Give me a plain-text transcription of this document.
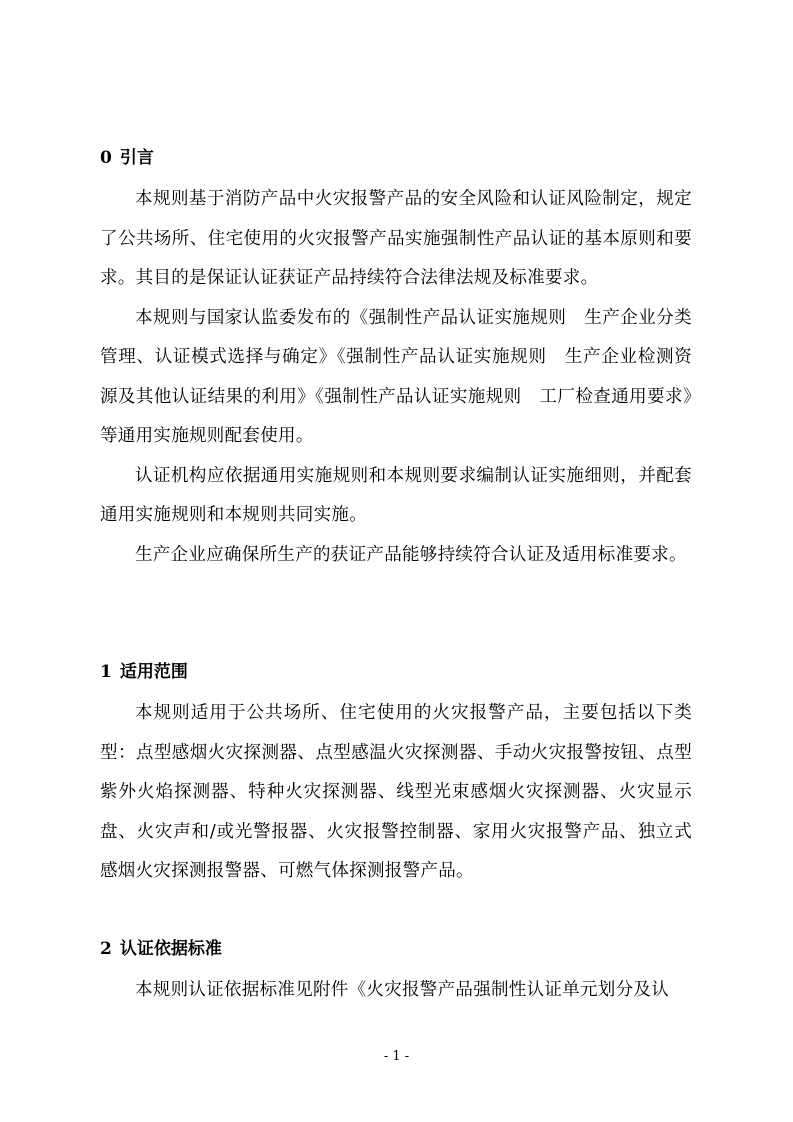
0 引言

本规则基于消防产品中火灾报警产品的安全风险和认证风险制定，规定了公共场所、住宅使用的火灾报警产品实施强制性产品认证的基本原则和要求。其目的是保证认证获证产品持续符合法律法规及标准要求。

本规则与国家认监委发布的《强制性产品认证实施规则　生产企业分类管理、认证模式选择与确定》《强制性产品认证实施规则　生产企业检测资源及其他认证结果的利用》《强制性产品认证实施规则　工厂检查通用要求》等通用实施规则配套使用。

认证机构应依据通用实施规则和本规则要求编制认证实施细则，并配套通用实施规则和本规则共同实施。

生产企业应确保所生产的获证产品能够持续符合认证及适用标准要求。

1 适用范围

本规则适用于公共场所、住宅使用的火灾报警产品，主要包括以下类型：点型感烟火灾探测器、点型感温火灾探测器、手动火灾报警按钮、点型紫外火焰探测器、特种火灾探测器、线型光束感烟火灾探测器、火灾显示盘、火灾声和/或光警报器、火灾报警控制器、家用火灾报警产品、独立式感烟火灾探测报警器、可燃气体探测报警产品。

2 认证依据标准

本规则认证依据标准见附件《火灾报警产品强制性认证单元划分及认

- 1 -
